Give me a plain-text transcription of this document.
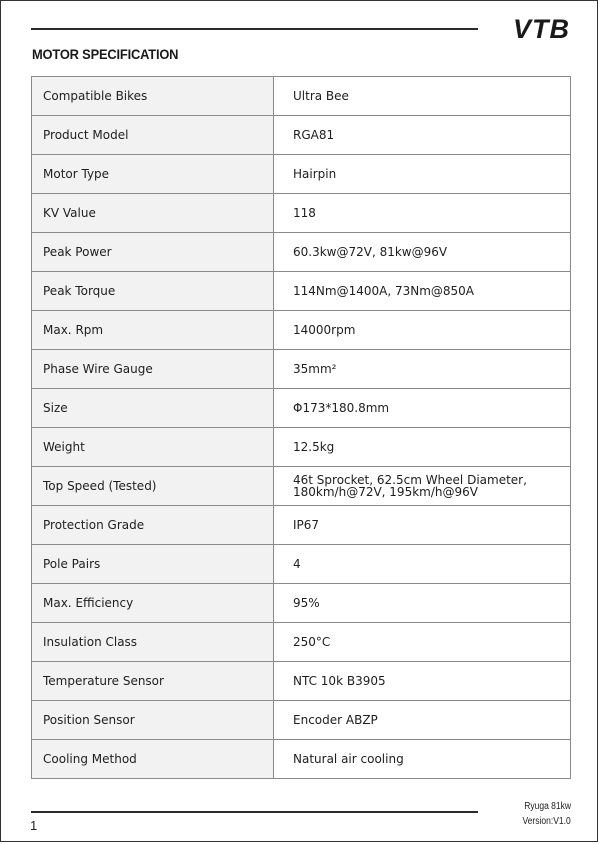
VTB
MOTOR SPECIFICATION
Compatible Bikes	Ultra Bee
Product Model	RGA81
Motor Type	Hairpin
KV Value	118
Peak Power	60.3kw@72V, 81kw@96V
Peak Torque	114Nm@1400A, 73Nm@850A
Max. Rpm	14000rpm
Phase Wire Gauge	35mm²
Size	Φ173*180.8mm
Weight	12.5kg
Top Speed (Tested)	46t Sprocket, 62.5cm Wheel Diameter,
180km/h@72V, 195km/h@96V

Protection Grade	IP67
Pole Pairs	4
Max. Efficiency	95%
Insulation Class	250°C
Temperature Sensor	NTC 10k B3905
Position Sensor	Encoder ABZP
Cooling Method	Natural air cooling
1
Ryuga 81kw
Version:V1.0
